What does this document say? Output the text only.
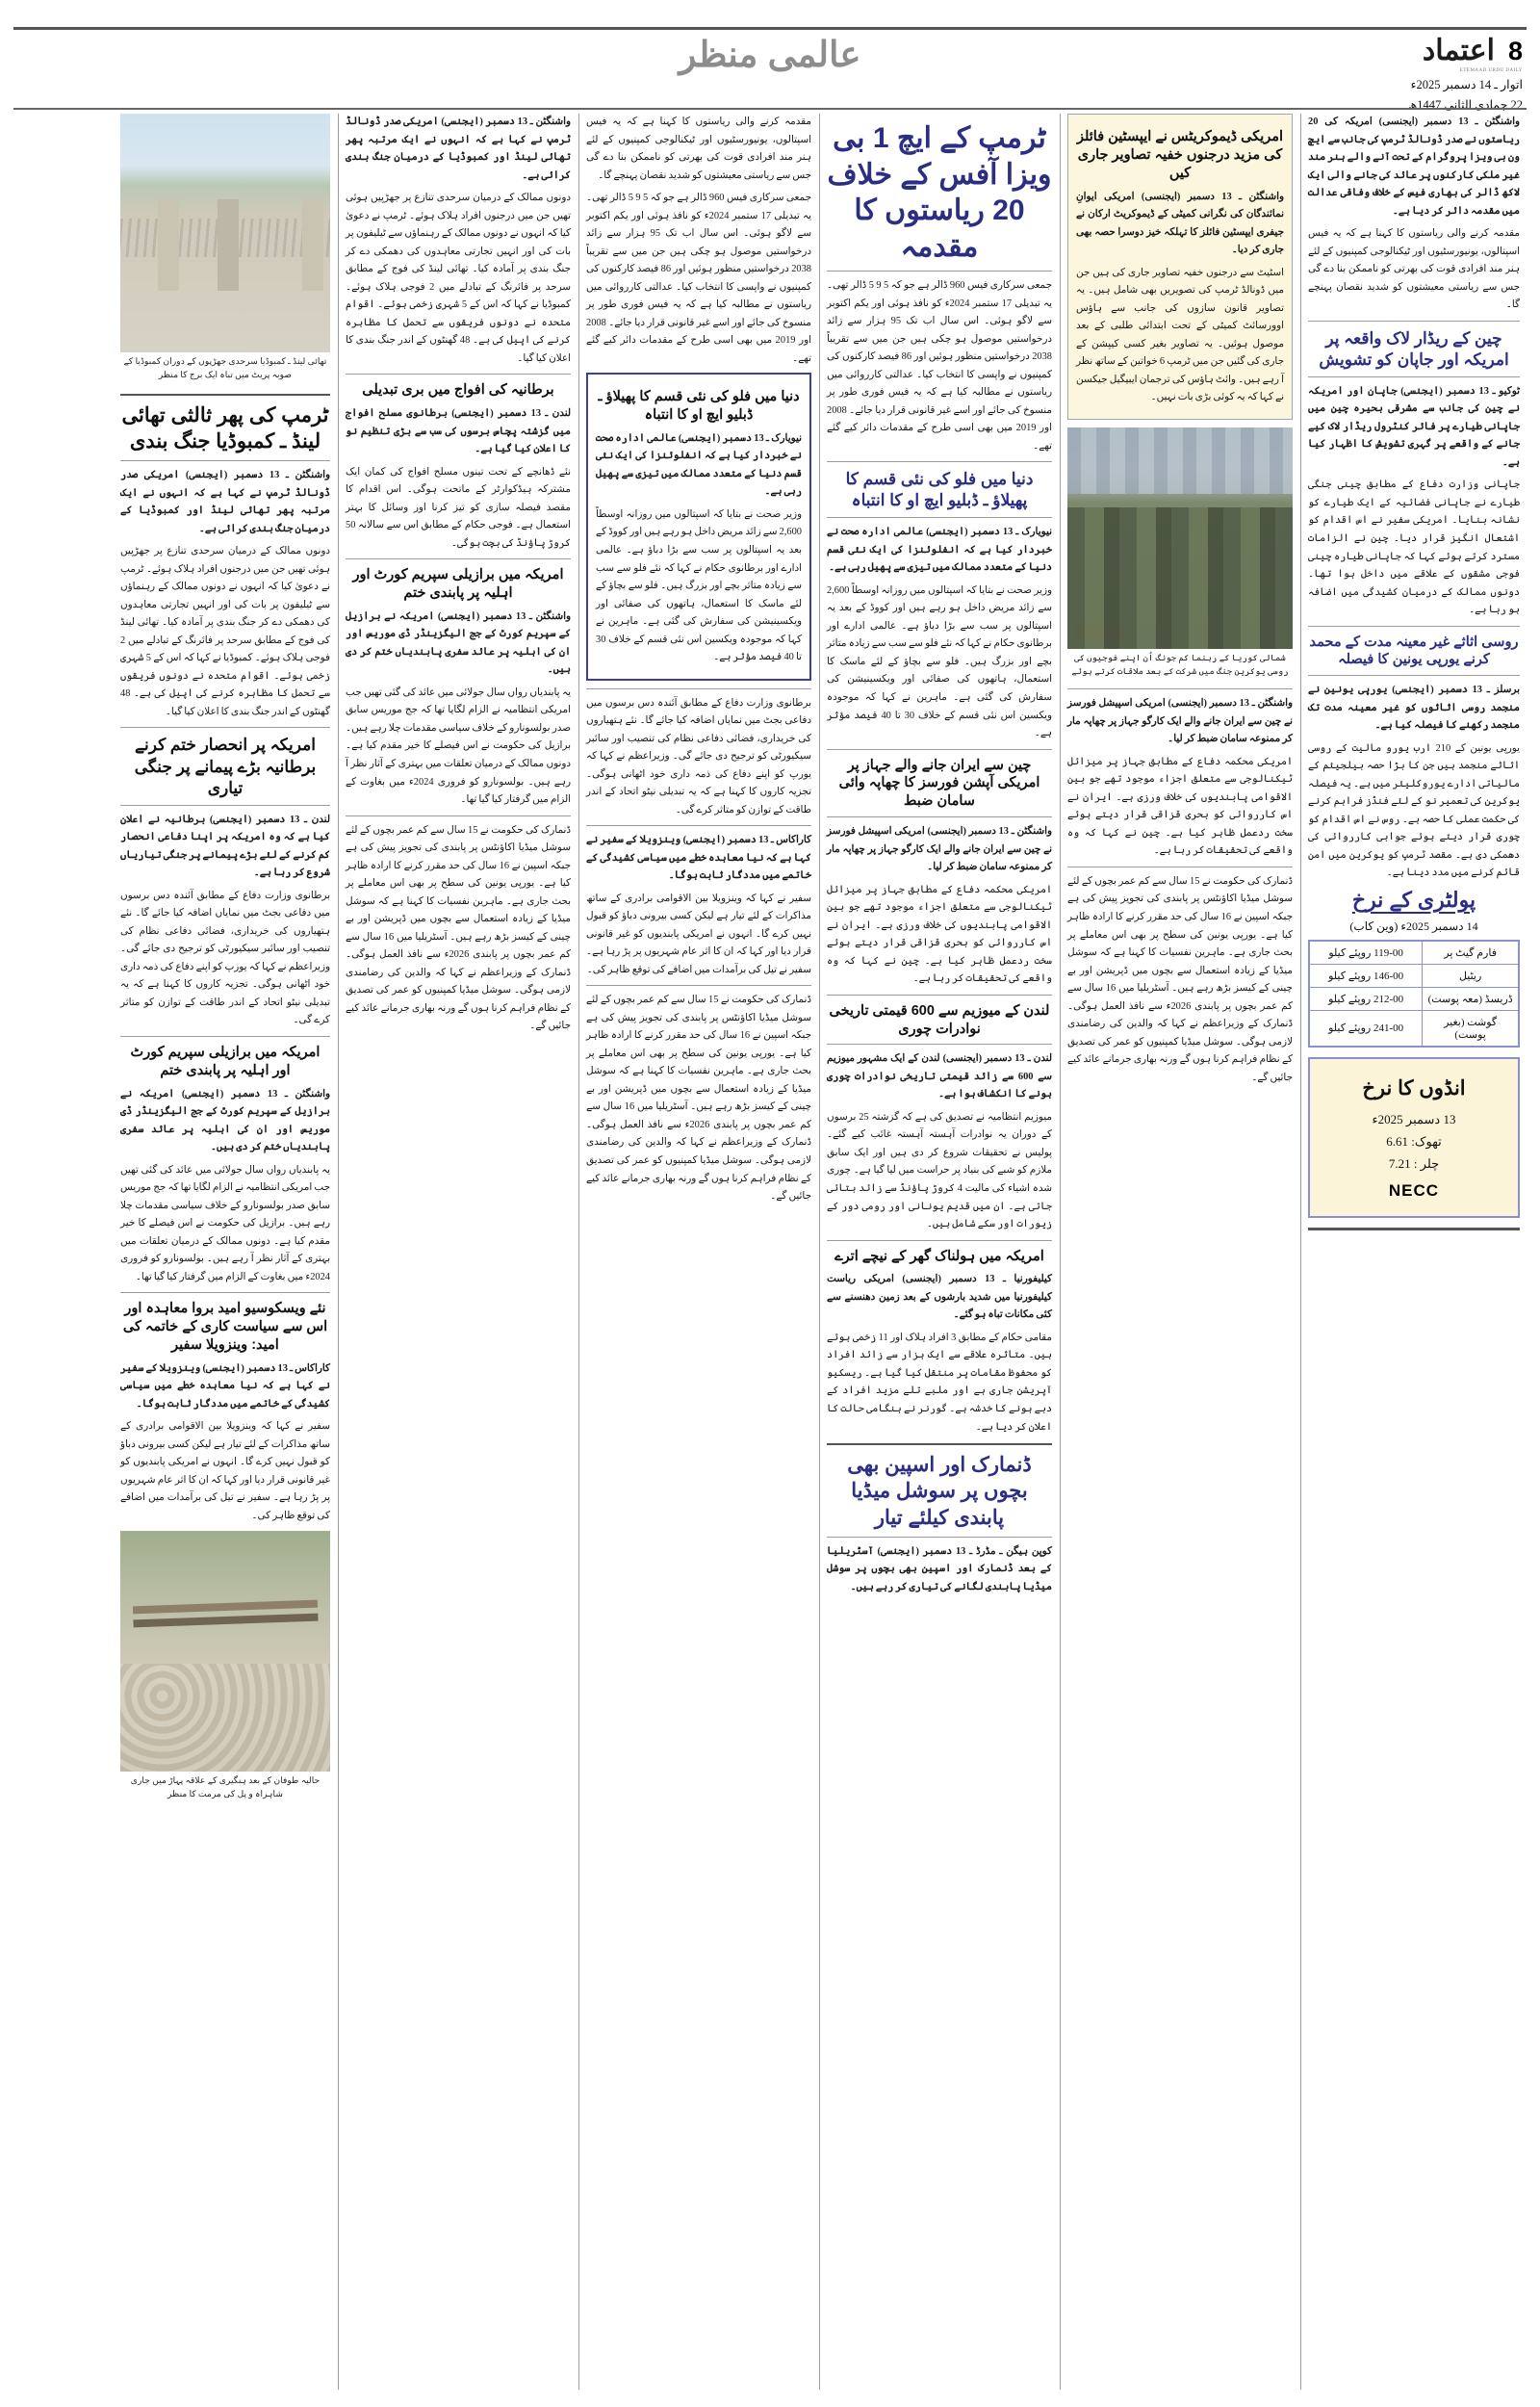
عالمی منظر	8
اعتماد
ETEMAAD URDU DAILY
اتوار ـ 14 دسمبر 2025ء
22 جمادی الثانی 1447ھ
واشنگٹن ـ 13 دسمبر (ایجنسی) امریکہ کی 20 ریاستوں نے صدر ڈونالڈ ٹرمپ کی جانب سے ایچ ون بی ویزا پروگرام کے تحت آنے والے ہنر مند غیر ملکی کارکنوں پر عائد کی جانے والی ایک لاکھ ڈالر کی بھاری فیس کے خلاف وفاقی عدالت میں مقدمہ دائر کر دیا ہے۔
مقدمہ کرنے والی ریاستوں کا کہنا ہے کہ یہ فیس اسپتالوں، یونیورسٹیوں اور ٹیکنالوجی کمپنیوں کے لئے ہنر مند افرادی قوت کی بھرتی کو ناممکن بنا دے گی جس سے ریاستی معیشتوں کو شدید نقصان پہنچے گا۔
چین کے ریڈار لاک واقعہ پر امریکہ اور جاپان کو تشویش
ٹوکیو ـ 13 دسمبر (ایجنسی) جاپان اور امریکہ نے چین کی جانب سے مشرقی بحیرہ چین میں جاپانی طیارے پر فائر کنٹرول ریڈار لاک کیے جانے کے واقعے پر گہری تشویش کا اظہار کیا ہے۔
جاپانی وزارت دفاع کے مطابق چینی جنگی طیارے نے جاپانی فضائیہ کے ایک طیارے کو نشانہ بنایا۔ امریکی سفیر نے اس اقدام کو اشتعال انگیز قرار دیا۔ چین نے الزامات مسترد کرتے ہوئے کہا کہ جاپانی طیارہ چینی فوجی مشقوں کے علاقے میں داخل ہوا تھا۔ دونوں ممالک کے درمیان کشیدگی میں اضافہ ہو رہا ہے۔
روسی اثاثے غیر معینہ مدت کے محمد کرنے یورپی یونین کا فیصلہ
برسلز ـ 13 دسمبر (ایجنسی) یورپی یونین نے منجمد روسی اثاثوں کو غیر معینہ مدت تک منجمد رکھنے کا فیصلہ کیا ہے۔
یورپی یونین کے 210 ارب یورو مالیت کے روسی اثاثے منجمد ہیں جن کا بڑا حصہ بیلجیئم کے مالیاتی ادارے یوروکلیئر میں ہے۔ یہ فیصلہ یوکرین کی تعمیر نو کے لئے فنڈز فراہم کرنے کی حکمت عملی کا حصہ ہے۔ روس نے اس اقدام کو چوری قرار دیتے ہوئے جوابی کارروائی کی دھمکی دی ہے۔ مقصد ٹرمپ کو یوکرین میں امن قائم کرنے میں مدد دینا ہے۔
پولٹری کے نرخ
14 دسمبر 2025ء (وین کاب)
فارم گیٹ پر	119-00 روپئے کیلو
ریٹیل	146-00 روپئے کیلو
ڈریسڈ (معہ پوست)	212-00 روپئے کیلو
گوشت (بغیر پوست)	241-00 روپئے کیلو
انڈوں کا نرخ
13 دسمبر 2025ء
تھوک: 6.61
چلر : 7.21
NECC
امریکی ڈیموکریٹس نے ایپسٹین فائلز کی مزید درجنوں خفیہ تصاویر جاری کیں
واشنگٹن ـ 13 دسمبر (ایجنسی) امریکی ایوانِ نمائندگان کی نگرانی کمیٹی کے ڈیموکریٹ ارکان نے جیفری ایپسٹین فائلز کا تہلکہ خیز دوسرا حصہ بھی جاری کر دیا۔
اسٹیٹ سے درجنوں خفیہ تصاویر جاری کی ہیں جن میں ڈونالڈ ٹرمپ کی تصویریں بھی شامل ہیں۔ یہ تصاویر قانون سازوں کی جانب سے ہاؤس اوورسائٹ کمیٹی کے تحت ابتدائی طلبی کے بعد موصول ہوئیں۔ یہ تصاویر بغیر کسی کیپشن کے جاری کی گئیں جن میں ٹرمپ 6 خواتین کے ساتھ نظر آ رہے ہیں۔ وائٹ ہاؤس کی ترجمان ایبیگیل جیکسن نے کہا کہ یہ کوئی بڑی بات نہیں۔
شمالی کوریا کے رہنما کم جونگ اُن اپنے فوجیوں کی روسی یوکرین جنگ میں شرکت کے بعد ملاقات کرتے ہوئے
واشنگٹن ـ 13 دسمبر (ایجنسی) امریکی اسپیشل فورسز نے چین سے ایران جانے والے ایک کارگو جہاز پر چھاپہ مار کر ممنوعہ سامان ضبط کر لیا۔
امریکی محکمہ دفاع کے مطابق جہاز پر میزائل ٹیکنالوجی سے متعلق اجزاء موجود تھے جو بین الاقوامی پابندیوں کی خلاف ورزی ہے۔ ایران نے اس کارروائی کو بحری قزاقی قرار دیتے ہوئے سخت ردعمل ظاہر کیا ہے۔ چین نے کہا کہ وہ واقعے کی تحقیقات کر رہا ہے۔
ڈنمارک کی حکومت نے 15 سال سے کم عمر بچوں کے لئے سوشل میڈیا اکاؤنٹس پر پابندی کی تجویز پیش کی ہے جبکہ اسپین نے 16 سال کی حد مقرر کرنے کا ارادہ ظاہر کیا ہے۔ یورپی یونین کی سطح پر بھی اس معاملے پر بحث جاری ہے۔ ماہرین نفسیات کا کہنا ہے کہ سوشل میڈیا کے زیادہ استعمال سے بچوں میں ڈپریشن اور بے چینی کے کیسز بڑھ رہے ہیں۔ آسٹریلیا میں 16 سال سے کم عمر بچوں پر پابندی 2026ء سے نافذ العمل ہوگی۔ ڈنمارک کے وزیراعظم نے کہا کہ والدین کی رضامندی لازمی ہوگی۔ سوشل میڈیا کمپنیوں کو عمر کی تصدیق کے نظام فراہم کرنا ہوں گے ورنہ بھاری جرمانے عائد کیے جائیں گے۔
ٹرمپ کے ایچ 1 بی ویزا آفس کے خلاف 20 ریاستوں کا مقدمہ
جمعی سرکاری فیس 960 ڈالر ہے جو کہ 5 9 5 ڈالر تھی۔ یہ تبدیلی 17 ستمبر 2024ء کو نافذ ہوئی اور یکم اکتوبر سے لاگو ہوئی۔ اس سال اب تک 95 ہزار سے زائد درخواستیں موصول ہو چکی ہیں جن میں سے تقریباً 2038 درخواستیں منظور ہوئیں اور 86 فیصد کارکنوں کی کمپنیوں نے واپسی کا انتخاب کیا۔ عدالتی کارروائی میں ریاستوں نے مطالبہ کیا ہے کہ یہ فیس فوری طور پر منسوخ کی جائے اور اسے غیر قانونی قرار دیا جائے۔ 2008 اور 2019 میں بھی اسی طرح کے مقدمات دائر کیے گئے تھے۔
دنیا میں فلو کی نئی قسم کا پھیلاؤ ـ ڈبلیو ایچ او کا انتباہ
نیویارک ـ 13 دسمبر (ایجنسی) عالمی ادارہ صحت نے خبردار کیا ہے کہ انفلوئنزا کی ایک نئی قسم دنیا کے متعدد ممالک میں تیزی سے پھیل رہی ہے۔
وزیر صحت نے بتایا کہ اسپتالوں میں روزانہ اوسطاً 2,600 سے زائد مریض داخل ہو رہے ہیں اور کووڈ کے بعد یہ اسپتالوں پر سب سے بڑا دباؤ ہے۔ عالمی ادارے اور برطانوی حکام نے کہا کہ نئے فلو سے سب سے زیادہ متاثر بچے اور بزرگ ہیں۔ فلو سے بچاؤ کے لئے ماسک کا استعمال، ہاتھوں کی صفائی اور ویکسینیشن کی سفارش کی گئی ہے۔ ماہرین نے کہا کہ موجودہ ویکسین اس نئی قسم کے خلاف 30 تا 40 فیصد مؤثر ہے۔
چین سے ایران جانے والے جہاز پر امریکی آپشن فورسز کا چھاپہ وائی سامان ضبط
واشنگٹن ـ 13 دسمبر (ایجنسی) امریکی اسپیشل فورسز نے چین سے ایران جانے والے ایک کارگو جہاز پر چھاپہ مار کر ممنوعہ سامان ضبط کر لیا۔
امریکی محکمہ دفاع کے مطابق جہاز پر میزائل ٹیکنالوجی سے متعلق اجزاء موجود تھے جو بین الاقوامی پابندیوں کی خلاف ورزی ہے۔ ایران نے اس کارروائی کو بحری قزاقی قرار دیتے ہوئے سخت ردعمل ظاہر کیا ہے۔ چین نے کہا کہ وہ واقعے کی تحقیقات کر رہا ہے۔
لندن کے میوزیم سے 600 قیمتی تاریخی نوادرات چوری
لندن ـ 13 دسمبر (ایجنسی) لندن کے ایک مشہور میوزیم سے 600 سے زائد قیمتی تاریخی نوادرات چوری ہونے کا انکشاف ہوا ہے۔
میوزیم انتظامیہ نے تصدیق کی ہے کہ گزشتہ 25 برسوں کے دوران یہ نوادرات آہستہ آہستہ غائب کیے گئے۔ پولیس نے تحقیقات شروع کر دی ہیں اور ایک سابق ملازم کو شبے کی بنیاد پر حراست میں لیا گیا ہے۔ چوری شدہ اشیاء کی مالیت 4 کروڑ پاؤنڈ سے زائد بتائی جاتی ہے۔ ان میں قدیم یونانی اور رومی دور کے زیورات اور سکے شامل ہیں۔
امریکہ میں ہولناک گھر کے نیچے اترے
کیلیفورنیا ـ 13 دسمبر (ایجنسی) امریکی ریاست کیلیفورنیا میں شدید بارشوں کے بعد زمین دھنسنے سے کئی مکانات تباہ ہو گئے۔
مقامی حکام کے مطابق 3 افراد ہلاک اور 11 زخمی ہوئے ہیں۔ متاثرہ علاقے سے ایک ہزار سے زائد افراد کو محفوظ مقامات پر منتقل کیا گیا ہے۔ ریسکیو آپریشن جاری ہے اور ملبے تلے مزید افراد کے دبے ہونے کا خدشہ ہے۔ گورنر نے ہنگامی حالت کا اعلان کر دیا ہے۔
ڈنمارک اور اسپین بھی بچوں پر سوشل میڈیا پابندی کیلئے تیار
کوپن ہیگن ـ مڈرڈ ـ 13 دسمبر (ایجنسی) آسٹریلیا کے بعد ڈنمارک اور اسپین بھی بچوں پر سوشل میڈیا پابندی لگانے کی تیاری کر رہے ہیں۔
مقدمہ کرنے والی ریاستوں کا کہنا ہے کہ یہ فیس اسپتالوں، یونیورسٹیوں اور ٹیکنالوجی کمپنیوں کے لئے ہنر مند افرادی قوت کی بھرتی کو ناممکن بنا دے گی جس سے ریاستی معیشتوں کو شدید نقصان پہنچے گا۔
جمعی سرکاری فیس 960 ڈالر ہے جو کہ 5 9 5 ڈالر تھی۔ یہ تبدیلی 17 ستمبر 2024ء کو نافذ ہوئی اور یکم اکتوبر سے لاگو ہوئی۔ اس سال اب تک 95 ہزار سے زائد درخواستیں موصول ہو چکی ہیں جن میں سے تقریباً 2038 درخواستیں منظور ہوئیں اور 86 فیصد کارکنوں کی کمپنیوں نے واپسی کا انتخاب کیا۔ عدالتی کارروائی میں ریاستوں نے مطالبہ کیا ہے کہ یہ فیس فوری طور پر منسوخ کی جائے اور اسے غیر قانونی قرار دیا جائے۔ 2008 اور 2019 میں بھی اسی طرح کے مقدمات دائر کیے گئے تھے۔
دنیا میں فلو کی نئی قسم کا پھیلاؤ ـ ڈبلیو ایچ او کا انتباہ
نیویارک ـ 13 دسمبر (ایجنسی) عالمی ادارہ صحت نے خبردار کیا ہے کہ انفلوئنزا کی ایک نئی قسم دنیا کے متعدد ممالک میں تیزی سے پھیل رہی ہے۔
وزیر صحت نے بتایا کہ اسپتالوں میں روزانہ اوسطاً 2,600 سے زائد مریض داخل ہو رہے ہیں اور کووڈ کے بعد یہ اسپتالوں پر سب سے بڑا دباؤ ہے۔ عالمی ادارے اور برطانوی حکام نے کہا کہ نئے فلو سے سب سے زیادہ متاثر بچے اور بزرگ ہیں۔ فلو سے بچاؤ کے لئے ماسک کا استعمال، ہاتھوں کی صفائی اور ویکسینیشن کی سفارش کی گئی ہے۔ ماہرین نے کہا کہ موجودہ ویکسین اس نئی قسم کے خلاف 30 تا 40 فیصد مؤثر ہے۔
برطانوی وزارت دفاع کے مطابق آئندہ دس برسوں میں دفاعی بجٹ میں نمایاں اضافہ کیا جائے گا۔ نئے ہتھیاروں کی خریداری، فضائی دفاعی نظام کی تنصیب اور سائبر سیکیورٹی کو ترجیح دی جائے گی۔ وزیراعظم نے کہا کہ یورپ کو اپنے دفاع کی ذمہ داری خود اٹھانی ہوگی۔ تجزیہ کاروں کا کہنا ہے کہ یہ تبدیلی نیٹو اتحاد کے اندر طاقت کے توازن کو متاثر کرے گی۔
کاراکاس ـ 13 دسمبر (ایجنسی) وینزویلا کے سفیر نے کہا ہے کہ نیا معاہدہ خطے میں سیاسی کشیدگی کے خاتمے میں مددگار ثابت ہوگا۔
سفیر نے کہا کہ وینزویلا بین الاقوامی برادری کے ساتھ مذاکرات کے لئے تیار ہے لیکن کسی بیرونی دباؤ کو قبول نہیں کرے گا۔ انہوں نے امریکی پابندیوں کو غیر قانونی قرار دیا اور کہا کہ ان کا اثر عام شہریوں پر پڑ رہا ہے۔ سفیر نے تیل کی برآمدات میں اضافے کی توقع ظاہر کی۔
ڈنمارک کی حکومت نے 15 سال سے کم عمر بچوں کے لئے سوشل میڈیا اکاؤنٹس پر پابندی کی تجویز پیش کی ہے جبکہ اسپین نے 16 سال کی حد مقرر کرنے کا ارادہ ظاہر کیا ہے۔ یورپی یونین کی سطح پر بھی اس معاملے پر بحث جاری ہے۔ ماہرین نفسیات کا کہنا ہے کہ سوشل میڈیا کے زیادہ استعمال سے بچوں میں ڈپریشن اور بے چینی کے کیسز بڑھ رہے ہیں۔ آسٹریلیا میں 16 سال سے کم عمر بچوں پر پابندی 2026ء سے نافذ العمل ہوگی۔ ڈنمارک کے وزیراعظم نے کہا کہ والدین کی رضامندی لازمی ہوگی۔ سوشل میڈیا کمپنیوں کو عمر کی تصدیق کے نظام فراہم کرنا ہوں گے ورنہ بھاری جرمانے عائد کیے جائیں گے۔
واشنگٹن ـ 13 دسمبر (ایجنسی) امریکی صدر ڈونالڈ ٹرمپ نے کہا ہے کہ انہوں نے ایک مرتبہ پھر تھائی لینڈ اور کمبوڈیا کے درمیان جنگ بندی کرائی ہے۔
دونوں ممالک کے درمیان سرحدی تنازع پر جھڑپیں ہوئی تھیں جن میں درجنوں افراد ہلاک ہوئے۔ ٹرمپ نے دعویٰ کیا کہ انہوں نے دونوں ممالک کے رہنماؤں سے ٹیلیفون پر بات کی اور انہیں تجارتی معاہدوں کی دھمکی دے کر جنگ بندی پر آمادہ کیا۔ تھائی لینڈ کی فوج کے مطابق سرحد پر فائرنگ کے تبادلے میں 2 فوجی ہلاک ہوئے۔ کمبوڈیا نے کہا کہ اس کے 5 شہری زخمی ہوئے۔ اقوام متحدہ نے دونوں فریقوں سے تحمل کا مظاہرہ کرنے کی اپیل کی ہے۔ 48 گھنٹوں کے اندر جنگ بندی کا اعلان کیا گیا۔
برطانیہ کی افواج میں بری تبدیلی
لندن ـ 13 دسمبر (ایجنسی) برطانوی مسلح افواج میں گزشتہ پچاس برسوں کی سب سے بڑی تنظیم نو کا اعلان کیا گیا ہے۔
نئے ڈھانچے کے تحت تینوں مسلح افواج کی کمان ایک مشترکہ ہیڈکوارٹر کے ماتحت ہوگی۔ اس اقدام کا مقصد فیصلہ سازی کو تیز کرنا اور وسائل کا بہتر استعمال ہے۔ فوجی حکام کے مطابق اس سے سالانہ 50 کروڑ پاؤنڈ کی بچت ہوگی۔
امریکہ میں برازیلی سپریم کورٹ اور اہلیہ پر پابندی ختم
واشنگٹن ـ 13 دسمبر (ایجنسی) امریکہ نے برازیل کے سپریم کورٹ کے جج الیگزینڈر ڈی موریس اور ان کی اہلیہ پر عائد سفری پابندیاں ختم کر دی ہیں۔
یہ پابندیاں رواں سال جولائی میں عائد کی گئی تھیں جب امریکی انتظامیہ نے الزام لگایا تھا کہ جج موریس سابق صدر بولسونارو کے خلاف سیاسی مقدمات چلا رہے ہیں۔ برازیل کی حکومت نے اس فیصلے کا خیر مقدم کیا ہے۔ دونوں ممالک کے درمیان تعلقات میں بہتری کے آثار نظر آ رہے ہیں۔ بولسونارو کو فروری 2024ء میں بغاوت کے الزام میں گرفتار کیا گیا تھا۔
ڈنمارک کی حکومت نے 15 سال سے کم عمر بچوں کے لئے سوشل میڈیا اکاؤنٹس پر پابندی کی تجویز پیش کی ہے جبکہ اسپین نے 16 سال کی حد مقرر کرنے کا ارادہ ظاہر کیا ہے۔ یورپی یونین کی سطح پر بھی اس معاملے پر بحث جاری ہے۔ ماہرین نفسیات کا کہنا ہے کہ سوشل میڈیا کے زیادہ استعمال سے بچوں میں ڈپریشن اور بے چینی کے کیسز بڑھ رہے ہیں۔ آسٹریلیا میں 16 سال سے کم عمر بچوں پر پابندی 2026ء سے نافذ العمل ہوگی۔ ڈنمارک کے وزیراعظم نے کہا کہ والدین کی رضامندی لازمی ہوگی۔ سوشل میڈیا کمپنیوں کو عمر کی تصدیق کے نظام فراہم کرنا ہوں گے ورنہ بھاری جرمانے عائد کیے جائیں گے۔
تھائی لینڈ ـ کمبوڈیا سرحدی جھڑپوں کے دوران کمبوڈیا کے صوبہ پریٹ میں تباہ ایک برج کا منظر
ٹرمپ کی پھر ثالثی تھائی لینڈ ـ کمبوڈیا جنگ بندی
واشنگٹن ـ 13 دسمبر (ایجنسی) امریکی صدر ڈونالڈ ٹرمپ نے کہا ہے کہ انہوں نے ایک مرتبہ پھر تھائی لینڈ اور کمبوڈیا کے درمیان جنگ بندی کرائی ہے۔
دونوں ممالک کے درمیان سرحدی تنازع پر جھڑپیں ہوئی تھیں جن میں درجنوں افراد ہلاک ہوئے۔ ٹرمپ نے دعویٰ کیا کہ انہوں نے دونوں ممالک کے رہنماؤں سے ٹیلیفون پر بات کی اور انہیں تجارتی معاہدوں کی دھمکی دے کر جنگ بندی پر آمادہ کیا۔ تھائی لینڈ کی فوج کے مطابق سرحد پر فائرنگ کے تبادلے میں 2 فوجی ہلاک ہوئے۔ کمبوڈیا نے کہا کہ اس کے 5 شہری زخمی ہوئے۔ اقوام متحدہ نے دونوں فریقوں سے تحمل کا مظاہرہ کرنے کی اپیل کی ہے۔ 48 گھنٹوں کے اندر جنگ بندی کا اعلان کیا گیا۔
امریکہ پر انحصار ختم کرنے برطانیہ بڑے پیمانے پر جنگی تیاری
لندن ـ 13 دسمبر (ایجنسی) برطانیہ نے اعلان کیا ہے کہ وہ امریکہ پر اپنا دفاعی انحصار کم کرنے کے لئے بڑے پیمانے پر جنگی تیاریاں شروع کر رہا ہے۔
برطانوی وزارت دفاع کے مطابق آئندہ دس برسوں میں دفاعی بجٹ میں نمایاں اضافہ کیا جائے گا۔ نئے ہتھیاروں کی خریداری، فضائی دفاعی نظام کی تنصیب اور سائبر سیکیورٹی کو ترجیح دی جائے گی۔ وزیراعظم نے کہا کہ یورپ کو اپنے دفاع کی ذمہ داری خود اٹھانی ہوگی۔ تجزیہ کاروں کا کہنا ہے کہ یہ تبدیلی نیٹو اتحاد کے اندر طاقت کے توازن کو متاثر کرے گی۔
امریکہ میں برازیلی سپریم کورٹ اور اہلیہ پر پابندی ختم
واشنگٹن ـ 13 دسمبر (ایجنسی) امریکہ نے برازیل کے سپریم کورٹ کے جج الیگزینڈر ڈی موریس اور ان کی اہلیہ پر عائد سفری پابندیاں ختم کر دی ہیں۔
یہ پابندیاں رواں سال جولائی میں عائد کی گئی تھیں جب امریکی انتظامیہ نے الزام لگایا تھا کہ جج موریس سابق صدر بولسونارو کے خلاف سیاسی مقدمات چلا رہے ہیں۔ برازیل کی حکومت نے اس فیصلے کا خیر مقدم کیا ہے۔ دونوں ممالک کے درمیان تعلقات میں بہتری کے آثار نظر آ رہے ہیں۔ بولسونارو کو فروری 2024ء میں بغاوت کے الزام میں گرفتار کیا گیا تھا۔
نئے ویسکوسیو امید بروا معاہدہ اور اس سے سیاست کاری کے خاتمہ کی امید: وینزویلا سفیر
کاراکاس ـ 13 دسمبر (ایجنسی) وینزویلا کے سفیر نے کہا ہے کہ نیا معاہدہ خطے میں سیاسی کشیدگی کے خاتمے میں مددگار ثابت ہوگا۔
سفیر نے کہا کہ وینزویلا بین الاقوامی برادری کے ساتھ مذاکرات کے لئے تیار ہے لیکن کسی بیرونی دباؤ کو قبول نہیں کرے گا۔ انہوں نے امریکی پابندیوں کو غیر قانونی قرار دیا اور کہا کہ ان کا اثر عام شہریوں پر پڑ رہا ہے۔ سفیر نے تیل کی برآمدات میں اضافے کی توقع ظاہر کی۔
حالیہ طوفان کے بعد ہنگیری کے علاقہ پہاڑ میں جاری شاہراہ و پل کی مرمت کا منظر
